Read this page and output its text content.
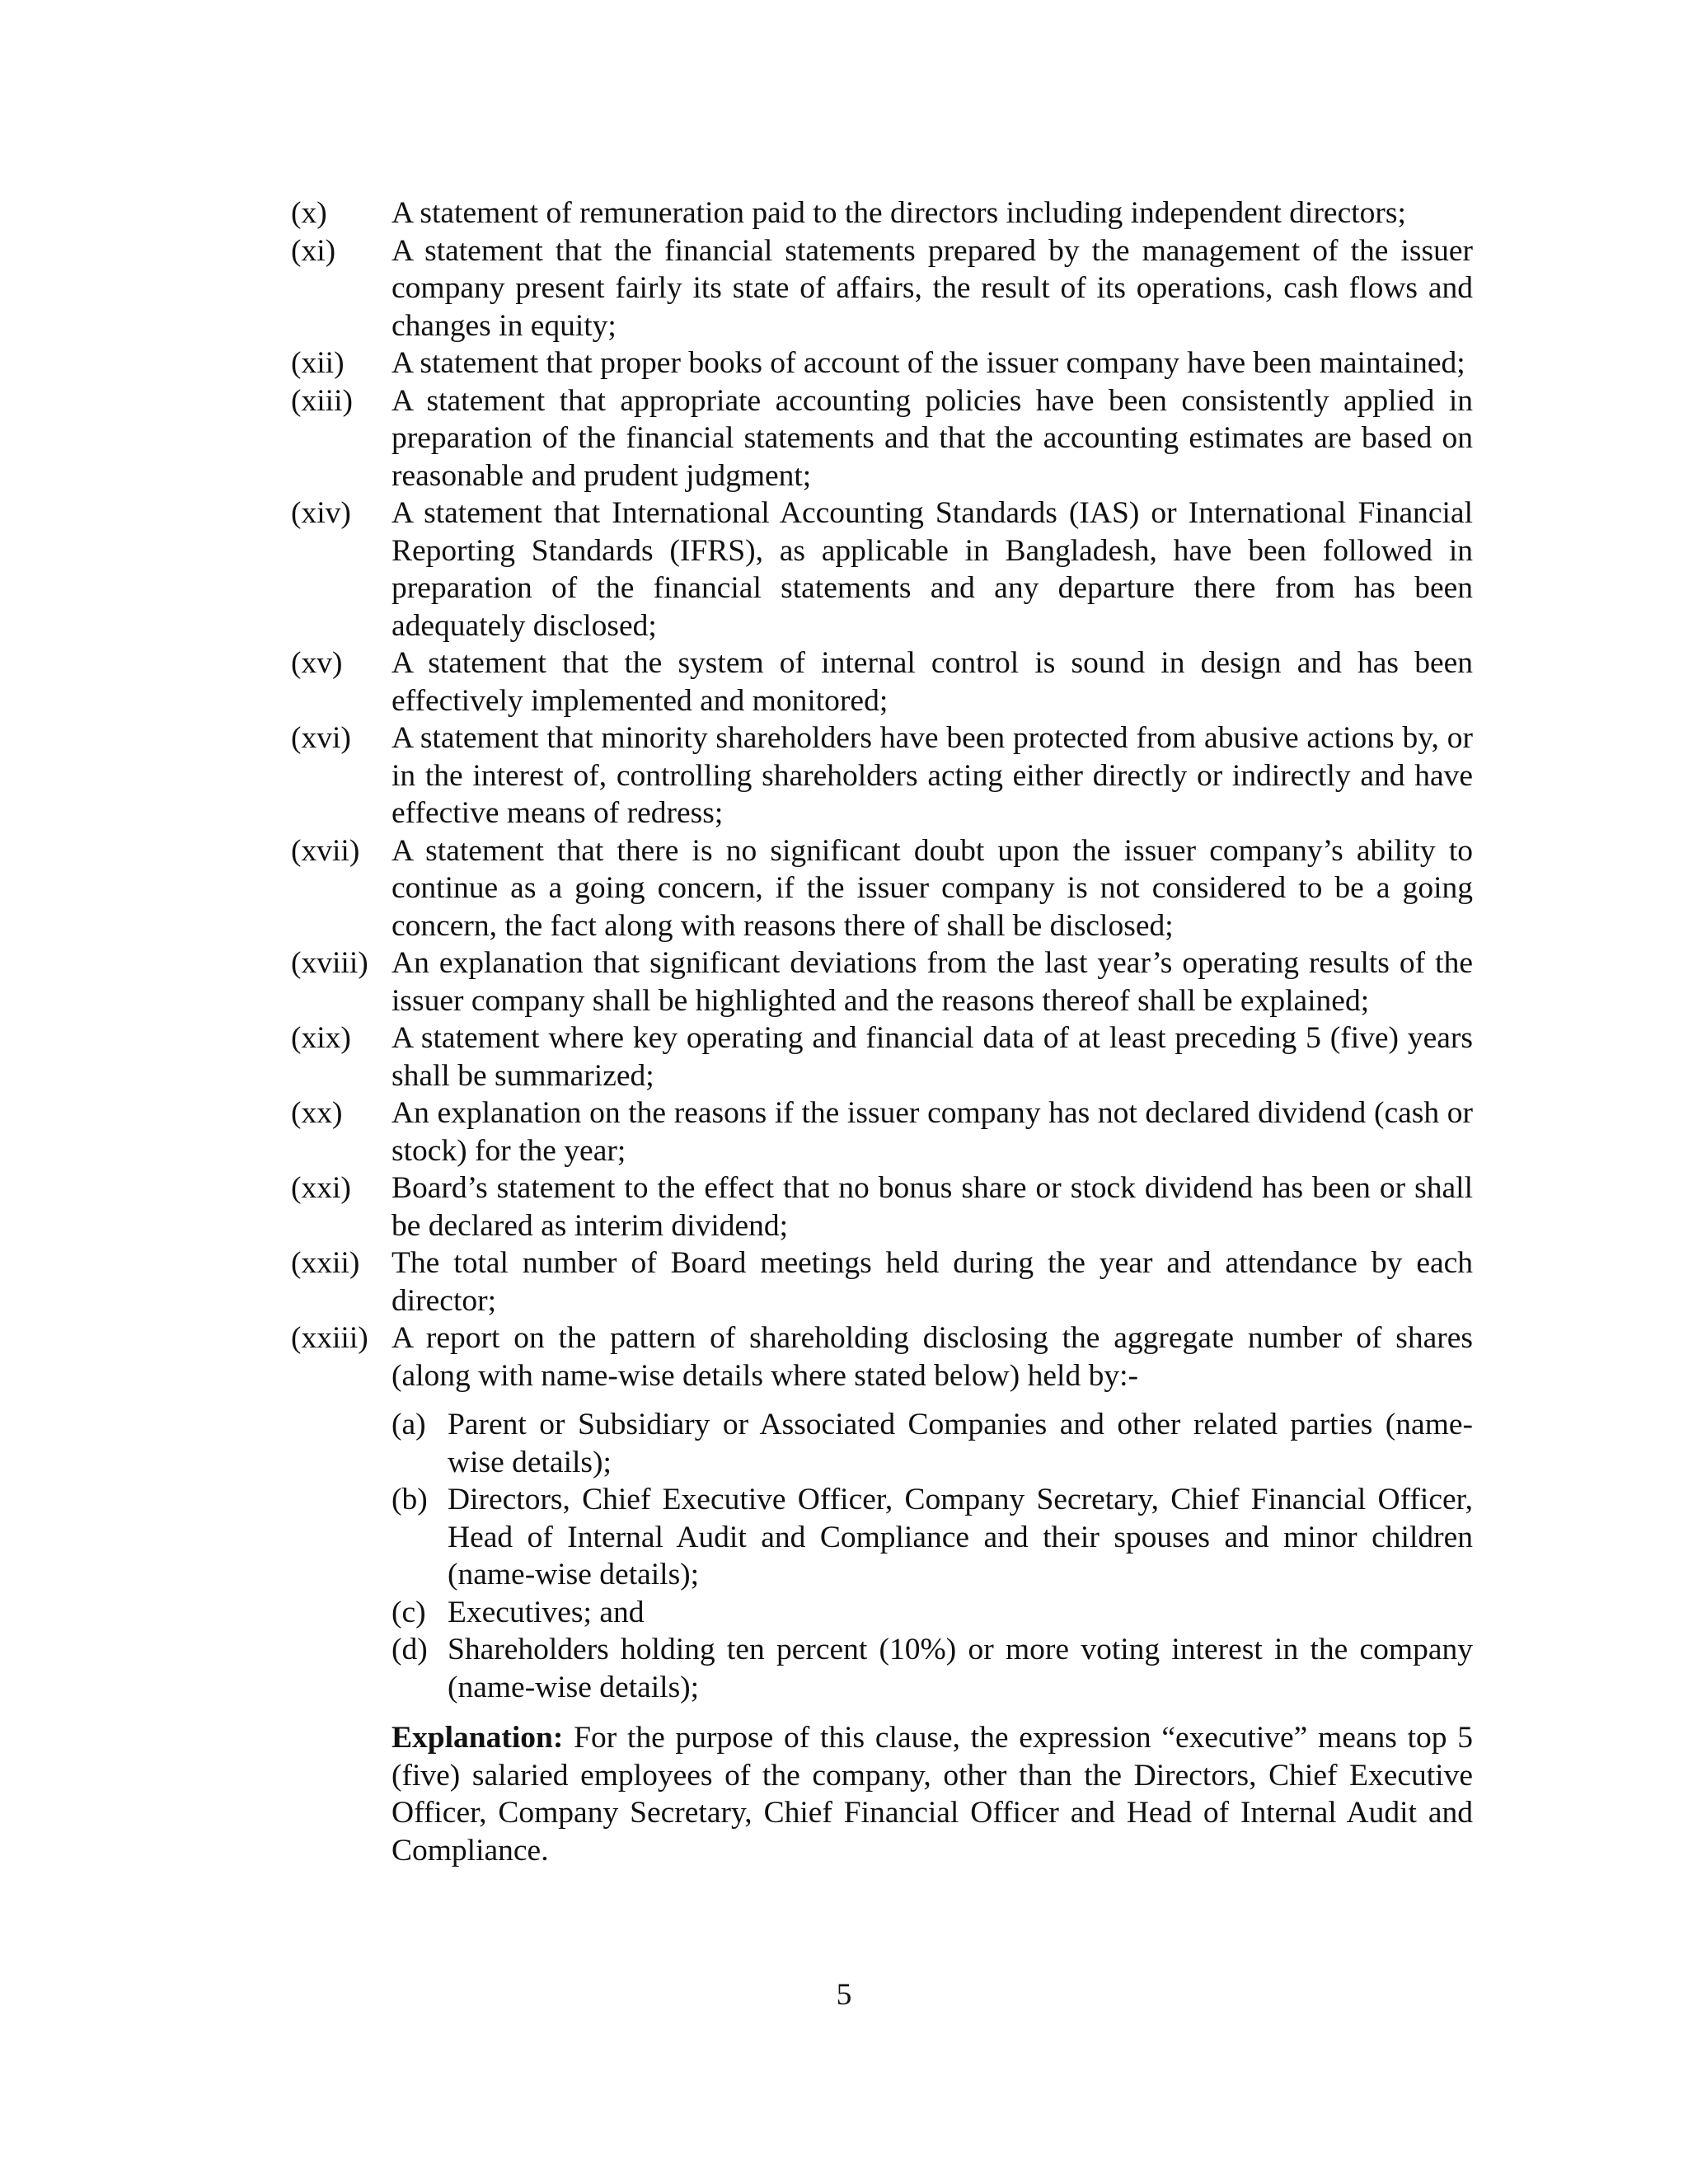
(x)	A statement of remuneration paid to the directors including independent directors;
(xi)	A statement that the financial statements prepared by the management of the issuer company present fairly its state of affairs, the result of its operations, cash flows and changes in equity;
(xii)	A statement that proper books of account of the issuer company have been maintained;
(xiii)	A statement that appropriate accounting policies have been consistently applied in preparation of the financial statements and that the accounting estimates are based on reasonable and prudent judgment;
(xiv)	A statement that International Accounting Standards (IAS) or International Financial Reporting Standards (IFRS), as applicable in Bangladesh, have been followed in preparation of the financial statements and any departure there from has been adequately disclosed;
(xv)	A statement that the system of internal control is sound in design and has been effectively implemented and monitored;
(xvi)	A statement that minority shareholders have been protected from abusive actions by, or in the interest of, controlling shareholders acting either directly or indirectly and have effective means of redress;
(xvii)	A statement that there is no significant doubt upon the issuer company’s ability to continue as a going concern, if the issuer company is not considered to be a going concern, the fact along with reasons there of shall be disclosed;
(xviii) An explanation that significant deviations from the last year’s operating results of the issuer company shall be highlighted and the reasons thereof shall be explained;
(xix)	A statement where key operating and financial data of at least preceding 5 (five) years shall be summarized;
(xx)	An explanation on the reasons if the issuer company has not declared dividend (cash or stock) for the year;
(xxi)	Board’s statement to the effect that no bonus share or stock dividend has been or shall be declared as interim dividend;
(xxii)	The total number of Board meetings held during the year and attendance by each director;
(xxiii) A report on the pattern of shareholding disclosing the aggregate number of shares (along with name-wise details where stated below) held by:-
(a) Parent or Subsidiary or Associated Companies and other related parties (name-wise details);
(b) Directors, Chief Executive Officer, Company Secretary, Chief Financial Officer, Head of Internal Audit and Compliance and their spouses and minor children (name-wise details);
(c) Executives; and
(d) Shareholders holding ten percent (10%) or more voting interest in the company (name-wise details);
Explanation: For the purpose of this clause, the expression “executive” means top 5 (five) salaried employees of the company, other than the Directors, Chief Executive Officer, Company Secretary, Chief Financial Officer and Head of Internal Audit and Compliance.
5
